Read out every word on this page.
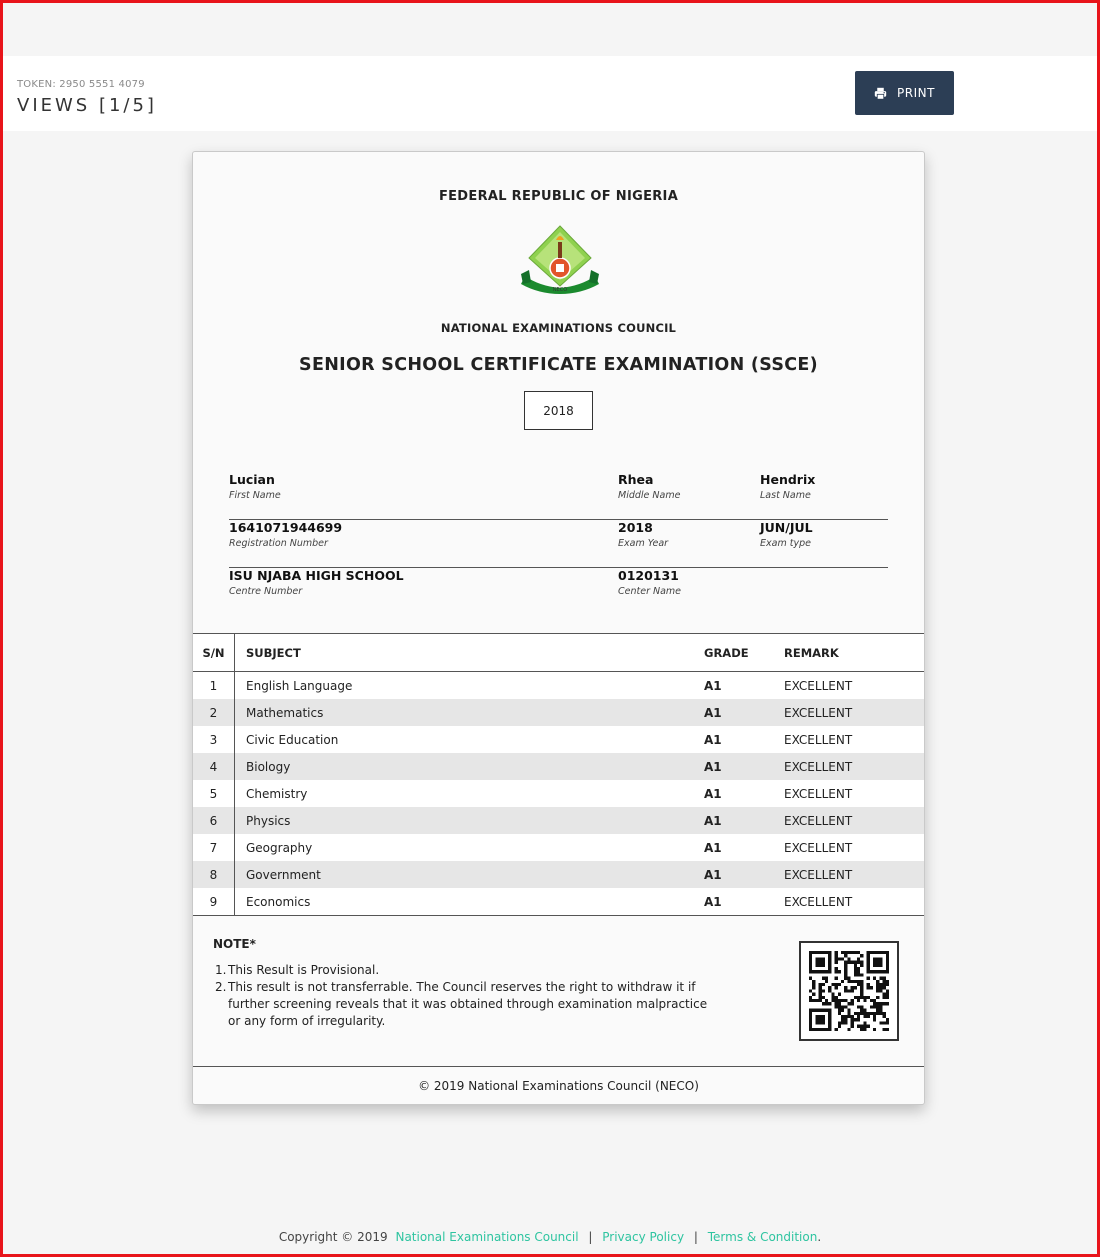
TOKEN: 2950 5551 4079
VIEWS [1/5]
PRINT
FEDERAL REPUBLIC OF NIGERIA
NECO
NATIONAL EXAMINATIONS COUNCIL
SENIOR SCHOOL CERTIFICATE EXAMINATION (SSCE)
2018
Lucian
First Name
Rhea
Middle Name
Hendrix
Last Name
1641071944699
Registration Number
2018
Exam Year
JUN/JUL
Exam type
ISU NJABA HIGH SCHOOL
Centre Number
0120131
Center Name
S/N	SUBJECT	GRADE	REMARK
1	English Language	A1	EXCELLENT
2	Mathematics	A1	EXCELLENT
3	Civic Education	A1	EXCELLENT
4	Biology	A1	EXCELLENT
5	Chemistry	A1	EXCELLENT
6	Physics	A1	EXCELLENT
7	Geography	A1	EXCELLENT
8	Government	A1	EXCELLENT
9	Economics	A1	EXCELLENT
NOTE*
1. This Result is Provisional.
2. This result is not transferrable. The Council reserves the right to withdraw it if further screening reveals that it was obtained through examination malpractice or any form of irregularity.
© 2019 National Examinations Council (NECO)
Copyright © 2019 National Examinations Council | Privacy Policy | Terms & Condition.
